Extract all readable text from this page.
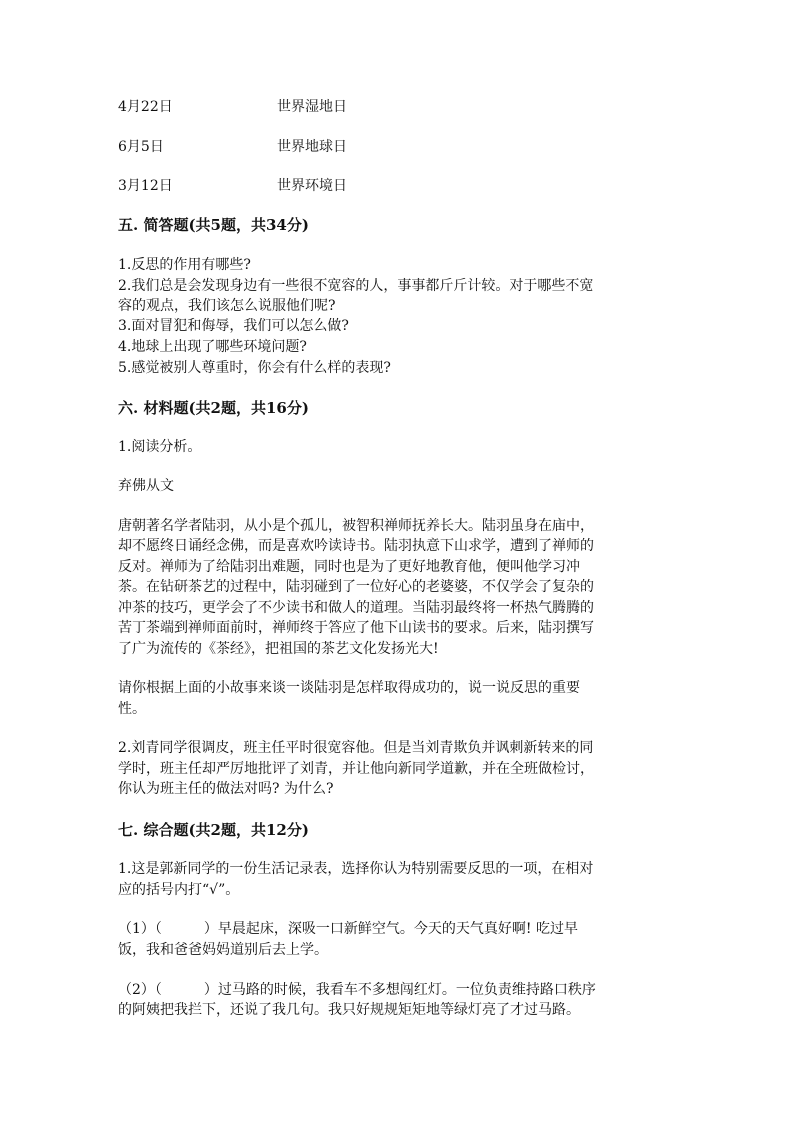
4月22日	世界湿地日
6月5日	世界地球日
3月12日	世界环境日
五. 简答题(共5题，共34分)
1.反思的作用有哪些?
2.我们总是会发现身边有一些很不宽容的人，事事都斤斤计较。对于哪些不宽
容的观点，我们该怎么说服他们呢?
3.面对冒犯和侮辱，我们可以怎么做?
4.地球上出现了哪些环境问题?
5.感觉被别人尊重时，你会有什么样的表现?
六. 材料题(共2题，共16分)
1.阅读分析。
弃佛从文
唐朝著名学者陆羽，从小是个孤儿，被智积禅师抚养长大。陆羽虽身在庙中，
却不愿终日诵经念佛，而是喜欢吟读诗书。陆羽执意下山求学，遭到了禅师的
反对。禅师为了给陆羽出难题，同时也是为了更好地教育他，便叫他学习冲
茶。在钻研茶艺的过程中，陆羽碰到了一位好心的老婆婆，不仅学会了复杂的
冲茶的技巧，更学会了不少读书和做人的道理。当陆羽最终将一杯热气腾腾的
苦丁茶端到禅师面前时，禅师终于答应了他下山读书的要求。后来，陆羽撰写
了广为流传的《茶经》，把祖国的茶艺文化发扬光大!
请你根据上面的小故事来谈一谈陆羽是怎样取得成功的，说一说反思的重要
性。
2.刘青同学很调皮，班主任平时很宽容他。但是当刘青欺负并讽刺新转来的同
学时，班主任却严厉地批评了刘青，并让他向新同学道歉，并在全班做检讨，
你认为班主任的做法对吗? 为什么?
七. 综合题(共2题，共12分)
1.这是郭新同学的一份生活记录表，选择你认为特别需要反思的一项，在相对
应的括号内打“√”。
（1）（　　　）早晨起床，深吸一口新鲜空气。今天的天气真好啊! 吃过早
饭，我和爸爸妈妈道别后去上学。
（2）（　　　）过马路的时候，我看车不多想闯红灯。一位负责维持路口秩序
的阿姨把我拦下，还说了我几句。我只好规规矩矩地等绿灯亮了才过马路。
